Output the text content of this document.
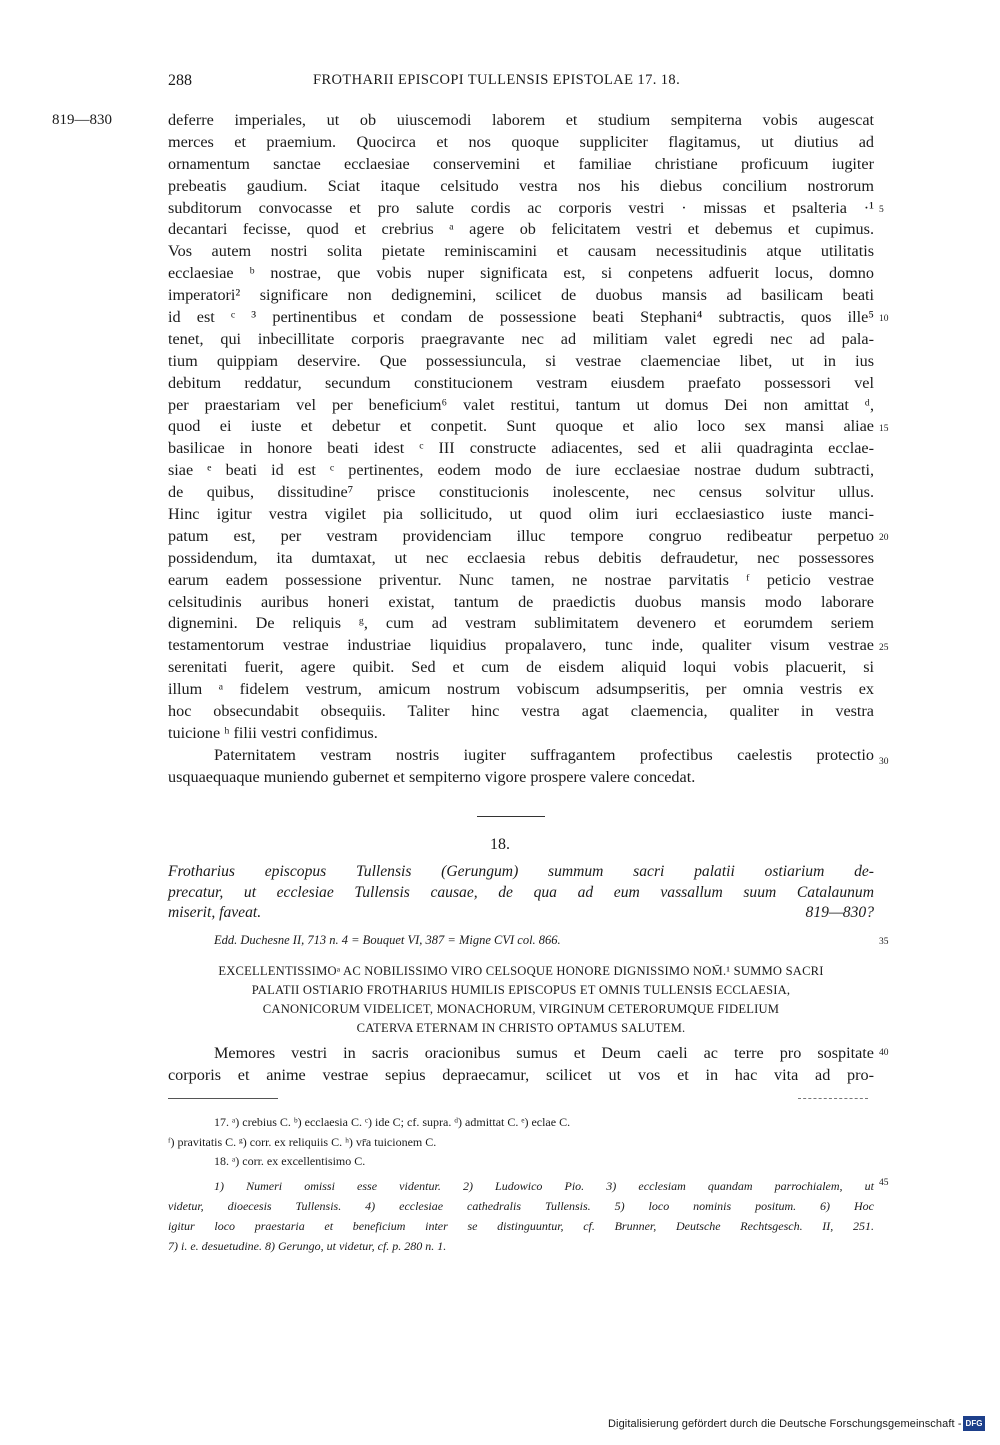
288	FROTHARII EPISCOPI TULLENSIS EPISTOLAE 17. 18.
819—830	deferre imperiales, ut ob uiuscemodi laborem et studium sempiterna vobis augescat
merces et praemium. Quocirca et nos quoque suppliciter flagitamus, ut diutius ad
ornamentum sanctae ecclaesiae conservemini et familiae christiane proficuum iugiter
prebeatis gaudium. Sciat itaque celsitudo vestra nos his diebus concilium nostrorum
subditorum convocasse et pro salute cordis ac corporis vestri · missas et psalteria ·¹
decantari fecisse, quod et crebrius ᵃ agere ob felicitatem vestri et debemus et cupimus.
Vos autem nostri solita pietate reminiscamini et causam necessitudinis atque utilitatis
ecclaesiae ᵇ nostrae, que vobis nuper significata est, si conpetens adfuerit locus, domno
imperatori² significare non dedignemini, scilicet de duobus mansis ad basilicam beati
id est ᶜ ³ pertinentibus et condam de possessione beati Stephani⁴ subtractis, quos ille⁵
tenet, qui inbecillitate corporis praegravante nec ad militiam valet egredi nec ad pala-
tium quippiam deservire. Que possessiuncula, si vestrae claemenciae libet, ut in ius
debitum reddatur, secundum constitucionem vestram eiusdem praefato possessori vel
per praestariam vel per beneficium⁶ valet restitui, tantum ut domus Dei non amittat ᵈ,
quod ei iuste et debetur et conpetit. Sunt quoque et alio loco sex mansi aliae
basilicae in honore beati idest ᶜ III constructe adiacentes, sed et alii quadraginta ecclae-
siae ᵉ beati id est ᶜ pertinentes, eodem modo de iure ecclaesiae nostrae dudum subtracti,
de quibus, dissitudine⁷ prisce constitucionis inolescente, nec census solvitur ullus.
Hinc igitur vestra vigilet pia sollicitudo, ut quod olim iuri ecclaesiastico iuste manci-
patum est, per vestram providenciam illuc tempore congruo redibeatur perpetuo
possidendum, ita dumtaxat, ut nec ecclaesia rebus debitis defraudetur, nec possessores
earum eadem possessione priventur. Nunc tamen, ne nostrae parvitatis ᶠ peticio vestrae
celsitudinis auribus honeri existat, tantum de praedictis duobus mansis modo laborare
dignemini. De reliquis ᵍ, cum ad vestram sublimitatem devenero et eorumdem seriem
testamentorum vestrae industriae liquidius propalavero, tunc inde, qualiter visum vestrae
serenitati fuerit, agere quibit. Sed et cum de eisdem aliquid loqui vobis placuerit, si
illum ᵃ fidelem vestrum, amicum nostrum vobiscum adsumpseritis, per omnia vestris ex
hoc obsecundabit obsequiis. Taliter hinc vestra agat claemencia, qualiter in vestra
tuicione ʰ filii vestri confidimus.
Paternitatem vestram nostris iugiter suffragantem profectibus caelestis protectio
usquaequaque muniendo gubernet et sempiterno vigore prospere valere concedat.
5
10
15
20
25
30
18.
Frotharius episcopus Tullensis (Gerungum) summum sacri palatii ostiarium de-
precatur, ut ecclesiae Tullensis causae, de qua ad eum vassallum suum Catalaunum
miserit, faveat.	819—830?
Edd. Duchesne II, 713 n. 4 = Bouquet VI, 387 = Migne CVI col. 866.	35
EXCELLENTISSIMOᵃ AC NOBILISSIMO VIRO CELSOQUE HONORE DIGNISSIMO NOM̄.¹ SUMMO SACRI
PALATII OSTIARIO FROTHARIUS HUMILIS EPISCOPUS ET OMNIS TULLENSIS ECCLAESIA,
CANONICORUM VIDELICET, MONACHORUM, VIRGINUM CETERORUMQUE FIDELIUM
CATERVA ETERNAM IN CHRISTO OPTAMUS SALUTEM.
Memores vestri in sacris oracionibus sumus et Deum caeli ac terre pro sospitate
corporis et anime vestrae sepius depraecamur, scilicet ut vos et in hac vita ad pro-
40
17. ᵃ) crebius C. ᵇ) ecclaesia C. ᶜ) ide C; cf. supra. ᵈ) admittat C. ᵉ) eclae C.
ᶠ) pravitatis C. ᵍ) corr. ex reliquiis C. ʰ) vr̄a tuicionem C.
18. ᵃ) corr. ex excellentisimo C.
1) Numeri omissi esse videntur. 2) Ludowico Pio. 3) ecclesiam quandam parrochialem, ut
videtur, dioecesis Tullensis. 4) ecclesiae cathedralis Tullensis. 5) loco nominis positum. 6) Hoc
igitur loco praestaria et beneficium inter se distinguuntur, cf. Brunner, Deutsche Rechtsgesch. II, 251.
7) i. e. desuetudine. 8) Gerungo, ut videtur, cf. p. 280 n. 1.
45
Digitalisierung gefördert durch die Deutsche Forschungsgemeinschaft - DFG
